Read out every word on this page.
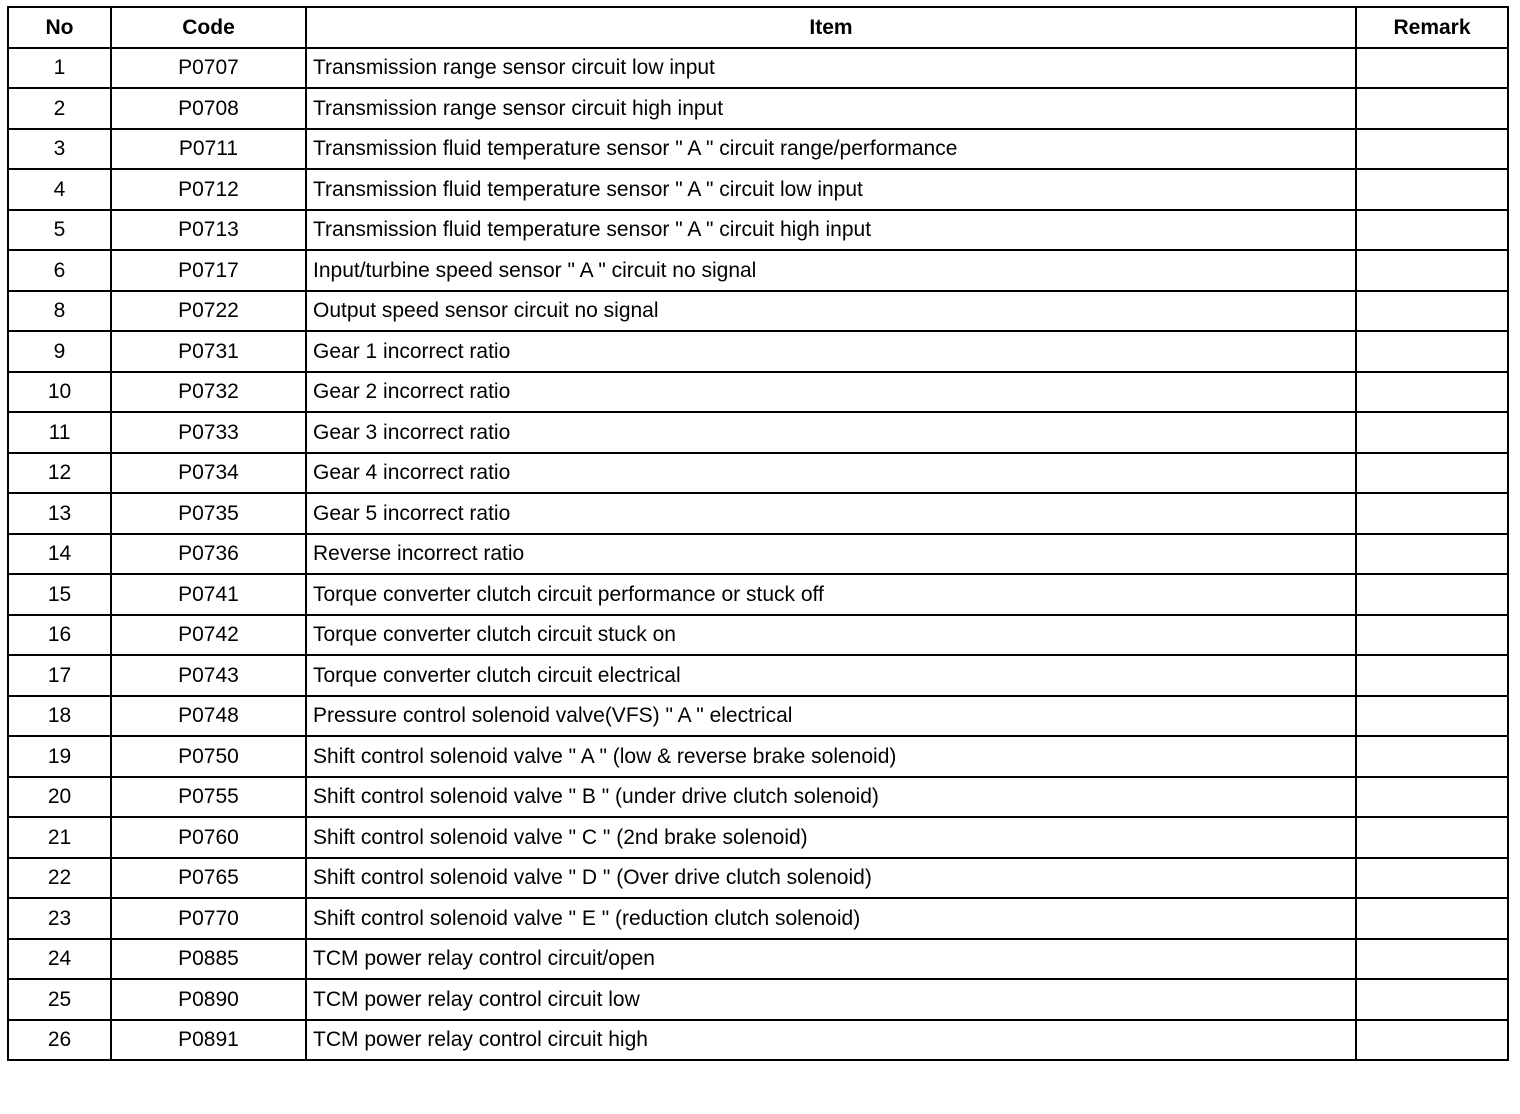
No	Code	Item	Remark
1	P0707	Transmission range sensor circuit low input	
2	P0708	Transmission range sensor circuit high input	
3	P0711	Transmission fluid temperature sensor " A " circuit range/performance	
4	P0712	Transmission fluid temperature sensor " A " circuit low input	
5	P0713	Transmission fluid temperature sensor " A " circuit high input	
6	P0717	Input/turbine speed sensor " A " circuit no signal	
8	P0722	Output speed sensor circuit no signal	
9	P0731	Gear 1 incorrect ratio	
10	P0732	Gear 2 incorrect ratio	
11	P0733	Gear 3 incorrect ratio	
12	P0734	Gear 4 incorrect ratio	
13	P0735	Gear 5 incorrect ratio	
14	P0736	Reverse incorrect ratio	
15	P0741	Torque converter clutch circuit performance or stuck off	
16	P0742	Torque converter clutch circuit stuck on	
17	P0743	Torque converter clutch circuit electrical	
18	P0748	Pressure control solenoid valve(VFS) " A " electrical	
19	P0750	Shift control solenoid valve " A " (low & reverse brake solenoid)	
20	P0755	Shift control solenoid valve " B " (under drive clutch solenoid)	
21	P0760	Shift control solenoid valve " C " (2nd brake solenoid)	
22	P0765	Shift control solenoid valve " D " (Over drive clutch solenoid)	
23	P0770	Shift control solenoid valve " E " (reduction clutch solenoid)	
24	P0885	TCM power relay control circuit/open	
25	P0890	TCM power relay control circuit low	
26	P0891	TCM power relay control circuit high	
